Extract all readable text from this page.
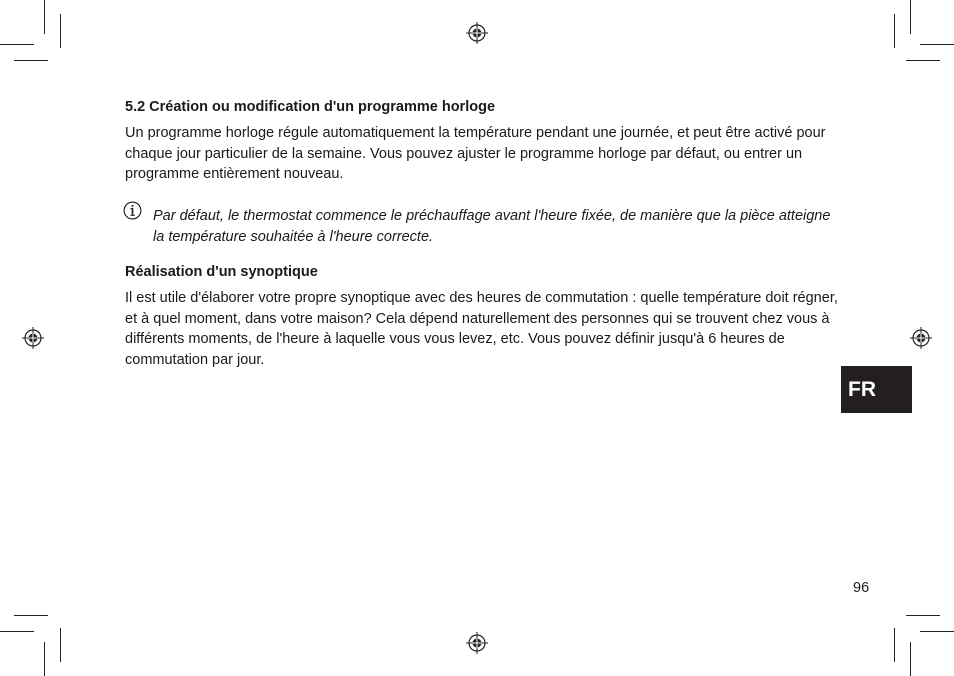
5.2 Création ou modification d'un programme horloge

Un programme horloge régule automatiquement la température pendant une journée, et peut être activé pour chaque jour particulier de la semaine. Vous pouvez ajuster le programme horloge par défaut, ou entrer un programme entièrement nouveau.

Par défaut, le thermostat commence le préchauffage avant l'heure fixée, de manière que la pièce atteigne la température souhaitée à l'heure correcte.

Réalisation d'un synoptique

Il est utile d'élaborer votre propre synoptique avec des heures de commutation : quelle température doit régner, et à quel moment, dans votre maison? Cela dépend naturellement des personnes qui se trouvent chez vous à différents moments, de l'heure à laquelle vous vous levez, etc. Vous pouvez définir jusqu'à 6 heures de commutation par jour.

FR

96
